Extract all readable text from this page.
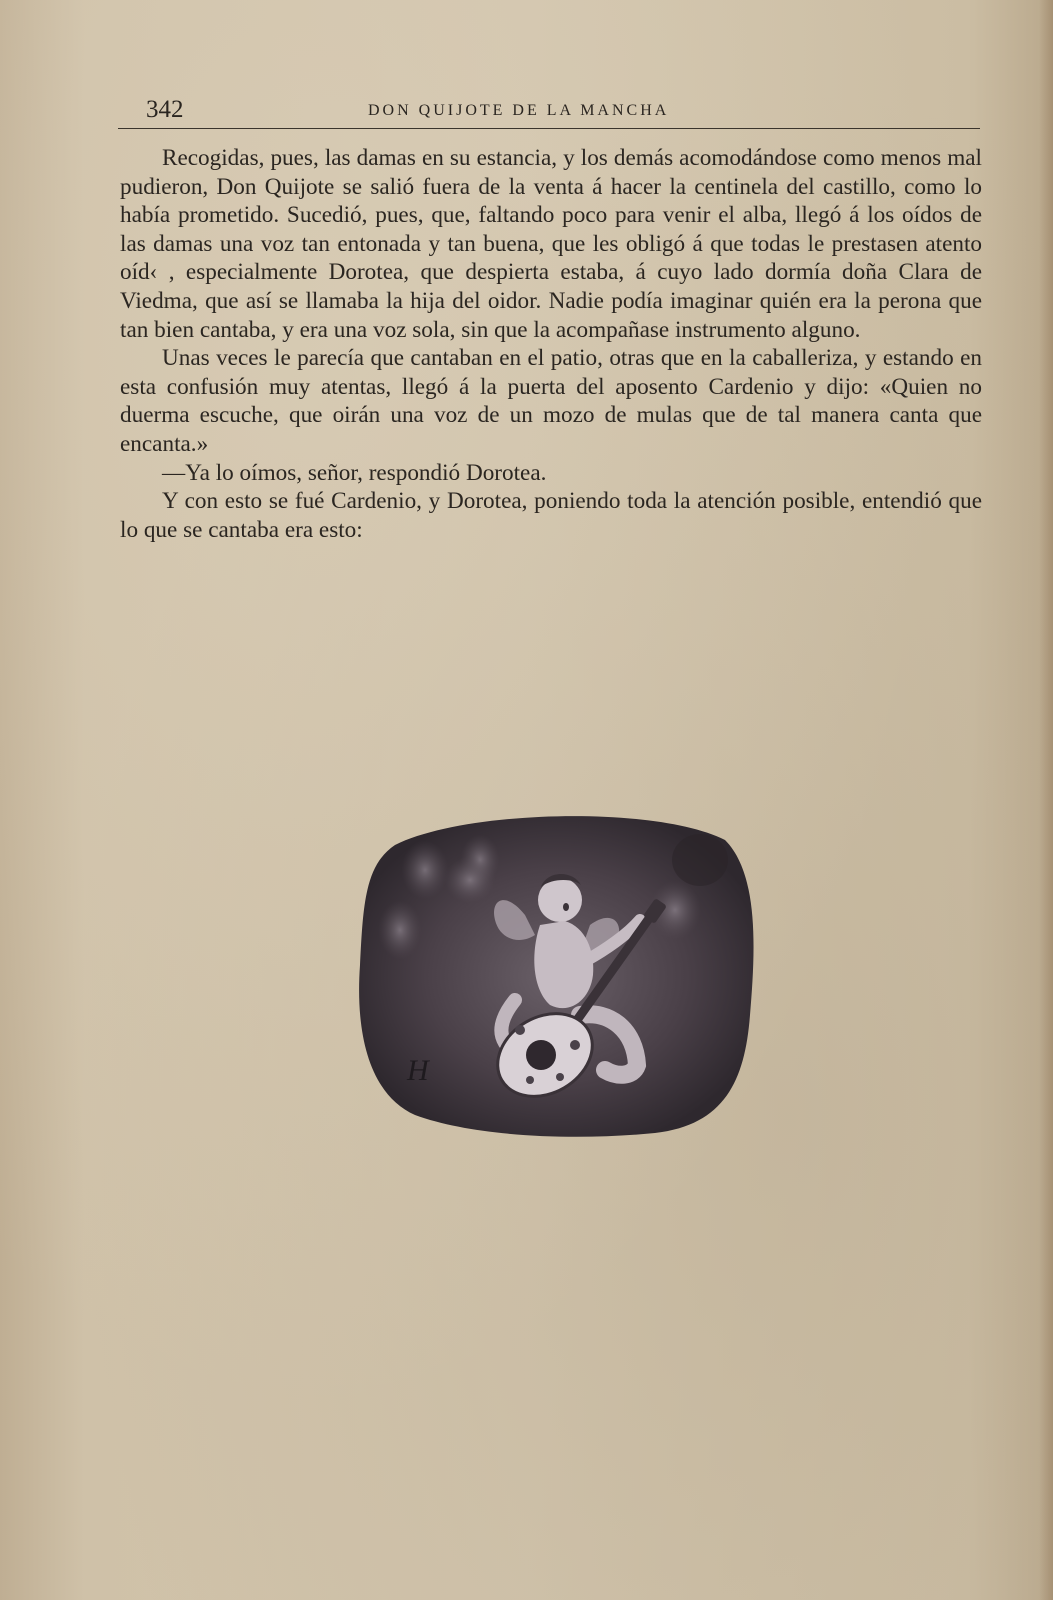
342	DON QUIJOTE DE LA MANCHA

Recogidas, pues, las damas en su estancia, y los demás acomodándose como menos mal pudieron, Don Quijote se salió fuera de la venta á hacer la centinela del castillo, como lo había prometido. Sucedió, pues, que, faltando poco para venir el alba, llegó á los oídos de las damas una voz tan entonada y tan buena, que les obligó á que todas le prestasen atento oíd‹ , especialmente Dorotea, que despierta estaba, á cuyo lado dormía doña Clara de Viedma, que así se llamaba la hija del oidor. Nadie podía imaginar quién era la perona que tan bien cantaba, y era una voz sola, sin que la acompañase instrumento alguno.

Unas veces le parecía que cantaban en el patio, otras que en la caballeriza, y estando en esta confusión muy atentas, llegó á la puerta del aposento Cardenio y dijo: «Quien no duerma escuche, que oirán una voz de un mozo de mulas que de tal manera canta que encanta.»

—Ya lo oímos, señor, respondió Dorotea.

Y con esto se fué Cardenio, y Dorotea, poniendo toda la atención posible, entendió que lo que se cantaba era esto:

H
